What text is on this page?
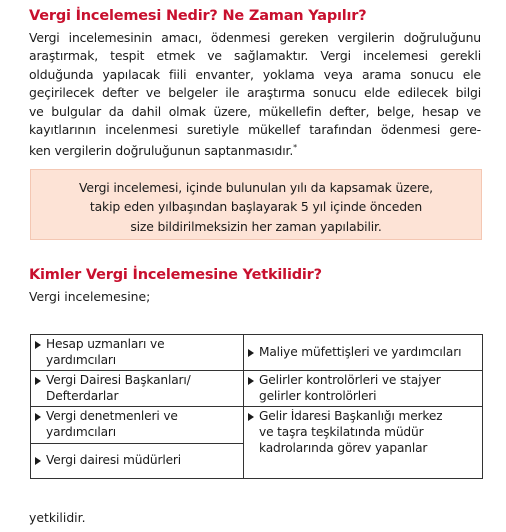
Vergi İncelemesi Nedir? Ne Zaman Yapılır?
Vergi incelemesinin amacı, ödenmesi gereken vergilerin doğruluğunu
araştırmak, tespit etmek ve sağlamaktır. Vergi incelemesi gerekli
olduğunda yapılacak fiili envanter, yoklama veya arama sonucu ele
geçirilecek defter ve belgeler ile araştırma sonucu elde edilecek bilgi
ve bulgular da dahil olmak üzere, mükellefin defter, belge, hesap ve
kayıtlarının incelenmesi suretiyle mükellef tarafından ödenmesi gere-
ken vergilerin doğruluğunun saptanmasıdır.*
Vergi incelemesi, içinde bulunulan yılı da kapsamak üzere,
takip eden yılbaşından başlayarak 5 yıl içinde önceden
size bildirilmeksizin her zaman yapılabilir.
Kimler Vergi İncelemesine Yetkilidir?
Vergi incelemesine;
Hesap uzmanları ve
yardımcıları	Maliye müfettişleri ve yardımcıları

Vergi Dairesi Başkanları/
Defterdarlar	Gelirler kontrolörleri ve stajyer
gelirler kontrolörleri

Vergi denetmenleri ve
yardımcıları	Gelir İdaresi Başkanlığı merkez
ve taşra teşkilatında müdür
kadrolarında görev yapanlar

Vergi dairesi müdürleri	
yetkilidir.
